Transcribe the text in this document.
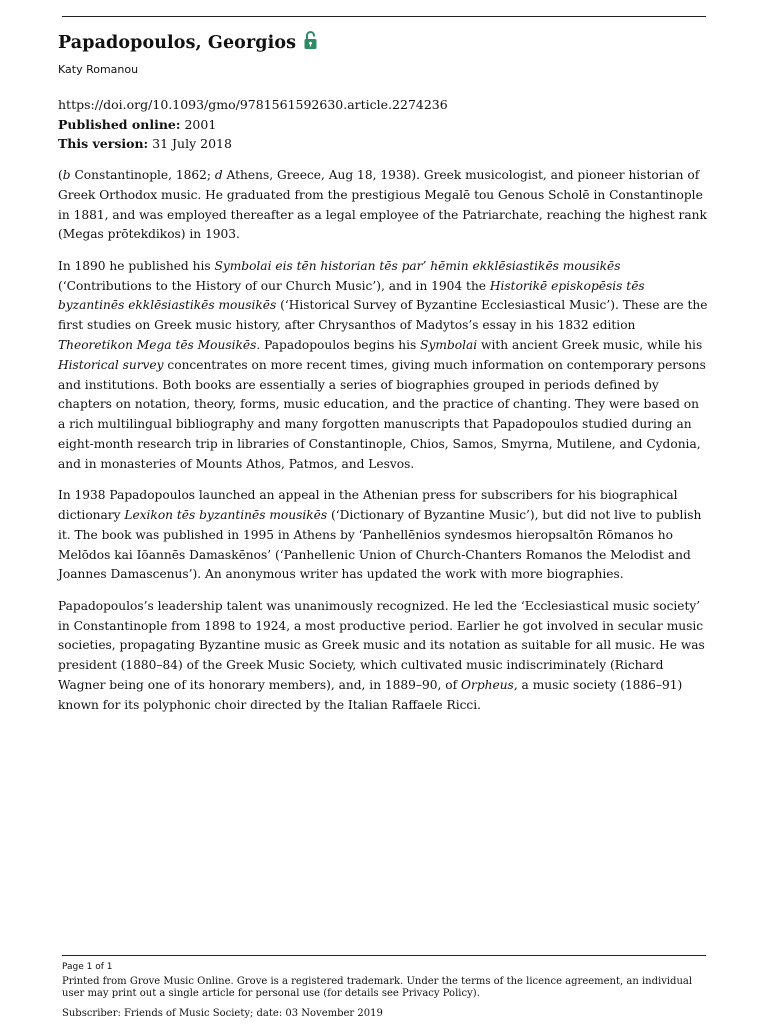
Papadopoulos, Georgios
Katy Romanou
https://doi.org/10.1093/gmo/9781561592630.article.2274236
Published online: 2001
This version: 31 July 2018

(b Constantinople, 1862; d Athens, Greece, Aug 18, 1938). Greek musicologist, and pioneer historian of Greek Orthodox music. He graduated from the prestigious Megalē tou Genous Scholē in Constantinople in 1881, and was employed thereafter as a legal employee of the Patriarchate, reaching the highest rank (Megas prōtekdikos) in 1903.

In 1890 he published his Symbolai eis tēn historian tēs par’ hēmin ekklēsiastikēs mousikēs (‘Contributions to the History of our Church Music’), and in 1904 the Historikē episkopēsis tēs byzantinēs ekklēsiastikēs mousikēs (‘Historical Survey of Byzantine Ecclesiastical Music’). These are the first studies on Greek music history, after Chrysanthos of Madytos’s essay in his 1832 edition Theoretikon Mega tēs Mousikēs. Papadopoulos begins his Symbolai with ancient Greek music, while his Historical survey concentrates on more recent times, giving much information on contemporary persons and institutions. Both books are essentially a series of biographies grouped in periods defined by chapters on notation, theory, forms, music education, and the practice of chanting. They were based on a rich multilingual bibliography and many forgotten manuscripts that Papadopoulos studied during an eight-month research trip in libraries of Constantinople, Chios, Samos, Smyrna, Mutilene, and Cydonia, and in monasteries of Mounts Athos, Patmos, and Lesvos.

In 1938 Papadopoulos launched an appeal in the Athenian press for subscribers for his biographical dictionary Lexikon tēs byzantinēs mousikēs (‘Dictionary of Byzantine Music’), but did not live to publish it. The book was published in 1995 in Athens by ‘Panhellēnios syndesmos hieropsaltōn Rōmanos ho Melōdos kai Iōannēs Damaskēnos’ (‘Panhellenic Union of Church-Chanters Romanos the Melodist and Joannes Damascenus’). An anonymous writer has updated the work with more biographies.

Papadopoulos’s leadership talent was unanimously recognized. He led the ‘Ecclesiastical music society’ in Constantinople from 1898 to 1924, a most productive period. Earlier he got involved in secular music societies, propagating Byzantine music as Greek music and its notation as suitable for all music. He was president (1880–84) of the Greek Music Society, which cultivated music indiscriminately (Richard Wagner being one of its honorary members), and, in 1889–90, of Orpheus, a music society (1886–91) known for its polyphonic choir directed by the Italian Raffaele Ricci.

Page 1 of 1
Printed from Grove Music Online. Grove is a registered trademark. Under the terms of the licence agreement, an individual user may print out a single article for personal use (for details see Privacy Policy).
Subscriber: Friends of Music Society; date: 03 November 2019
